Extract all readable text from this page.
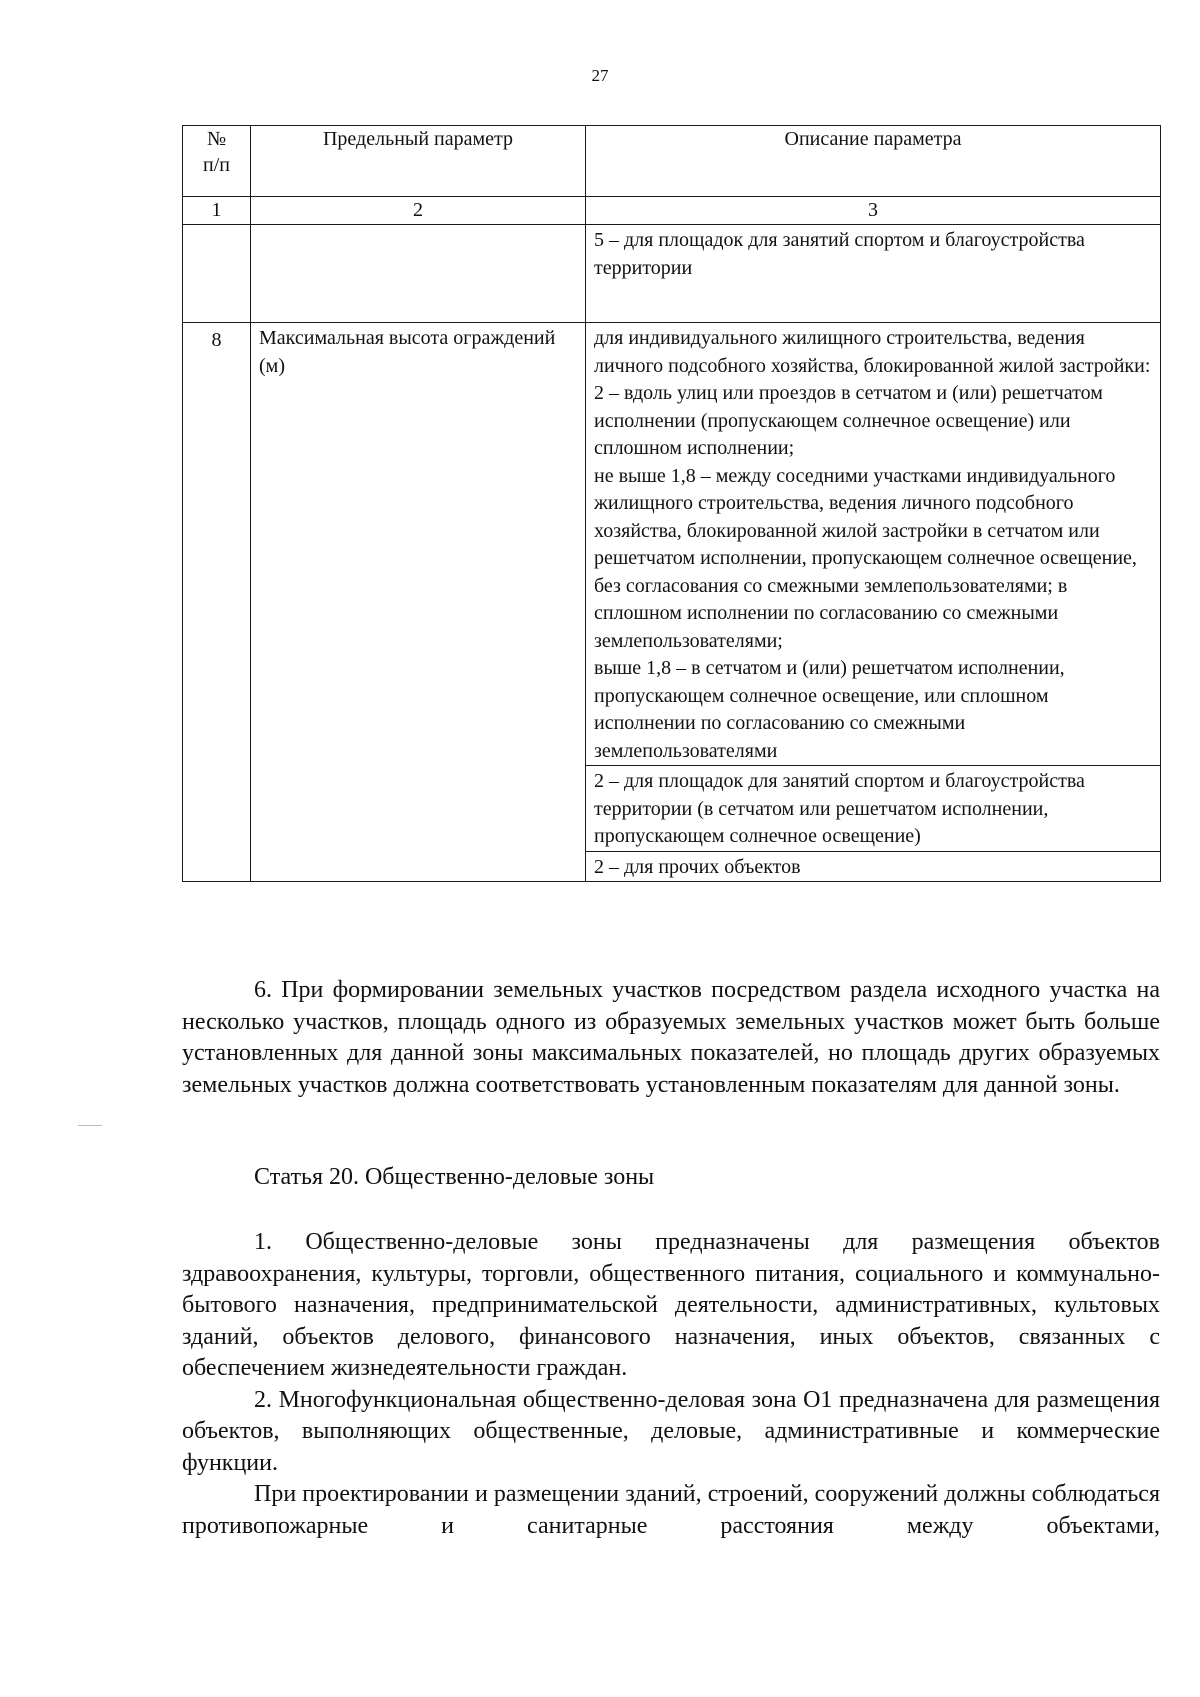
27
№
п/п	Предельный параметр	Описание параметра
1	2	3
		5 – для площадок для занятий спортом и благоустройства территории
8	Максимальная высота ограждений (м)	для индивидуального жилищного строительства, ведения личного подсобного хозяйства, блокированной жилой застройки:
2 – вдоль улиц или проездов в сетчатом и (или) решетчатом исполнении (пропускающем солнечное освещение) или сплошном исполнении;
не выше 1,8 – между соседними участками индивидуального жилищного строительства, ведения личного подсобного хозяйства, блокированной жилой застройки в сетчатом или решетчатом исполнении, пропускающем солнечное освещение, без согласования со смежными землепользователями; в сплошном исполнении по согласованию со смежными землепользователями;
выше 1,8 – в сетчатом и (или) решетчатом исполнении, пропускающем солнечное освещение, или сплошном исполнении по согласованию со смежными землепользователями

		2 – для площадок для занятий спортом и благоустройства территории (в сетчатом или решетчатом исполнении, пропускающем солнечное освещение)
		2 – для прочих объектов

6. При формировании земельных участков посредством раздела исходного участка на несколько участков, площадь одного из образуемых земельных участков может быть больше установленных для данной зоны максимальных показателей, но площадь других образуемых земельных участков должна соответствовать установленным показателям для данной зоны.

Статья 20. Общественно-деловые зоны

1. Общественно-деловые зоны предназначены для размещения объектов здравоохранения, культуры, торговли, общественного питания, социального и коммунально-бытового назначения, предпринимательской деятельности, административных, культовых зданий, объектов делового, финансового назначения, иных объектов, связанных с обеспечением жизнедеятельности граждан.

2. Многофункциональная общественно-деловая зона О1 предназначена для размещения объектов, выполняющих общественные, деловые, административные и коммерческие функции.

При проектировании и размещении зданий, строений, сооружений должны соблюдаться противопожарные и санитарные расстояния между объектами,
